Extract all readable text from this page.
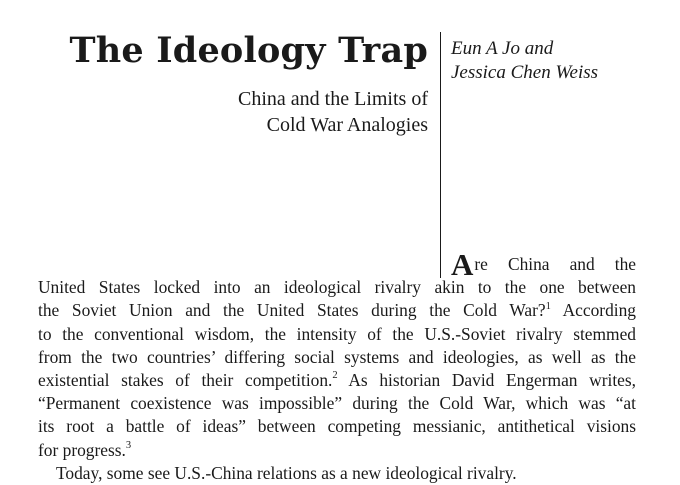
The Ideology Trap
China and the Limits of
Cold War Analogies
Eun A Jo and
Jessica Chen Weiss
A re China and the
United States locked into an ideological rivalry akin to the one between
the Soviet Union and the United States during the Cold War?$^1$ According
to the conventional wisdom, the intensity of the U.S.-Soviet rivalry stemmed
from the two countries’ differing social systems and ideologies, as well as the
existential stakes of their competition.$^2$ As historian David Engerman writes,
“Permanent coexistence was impossible” during the Cold War, which was “at
its root a battle of ideas” between competing messianic, antithetical visions
for progress.$^3$
Today, some see U.S.-China relations as a new ideological rivalry.
